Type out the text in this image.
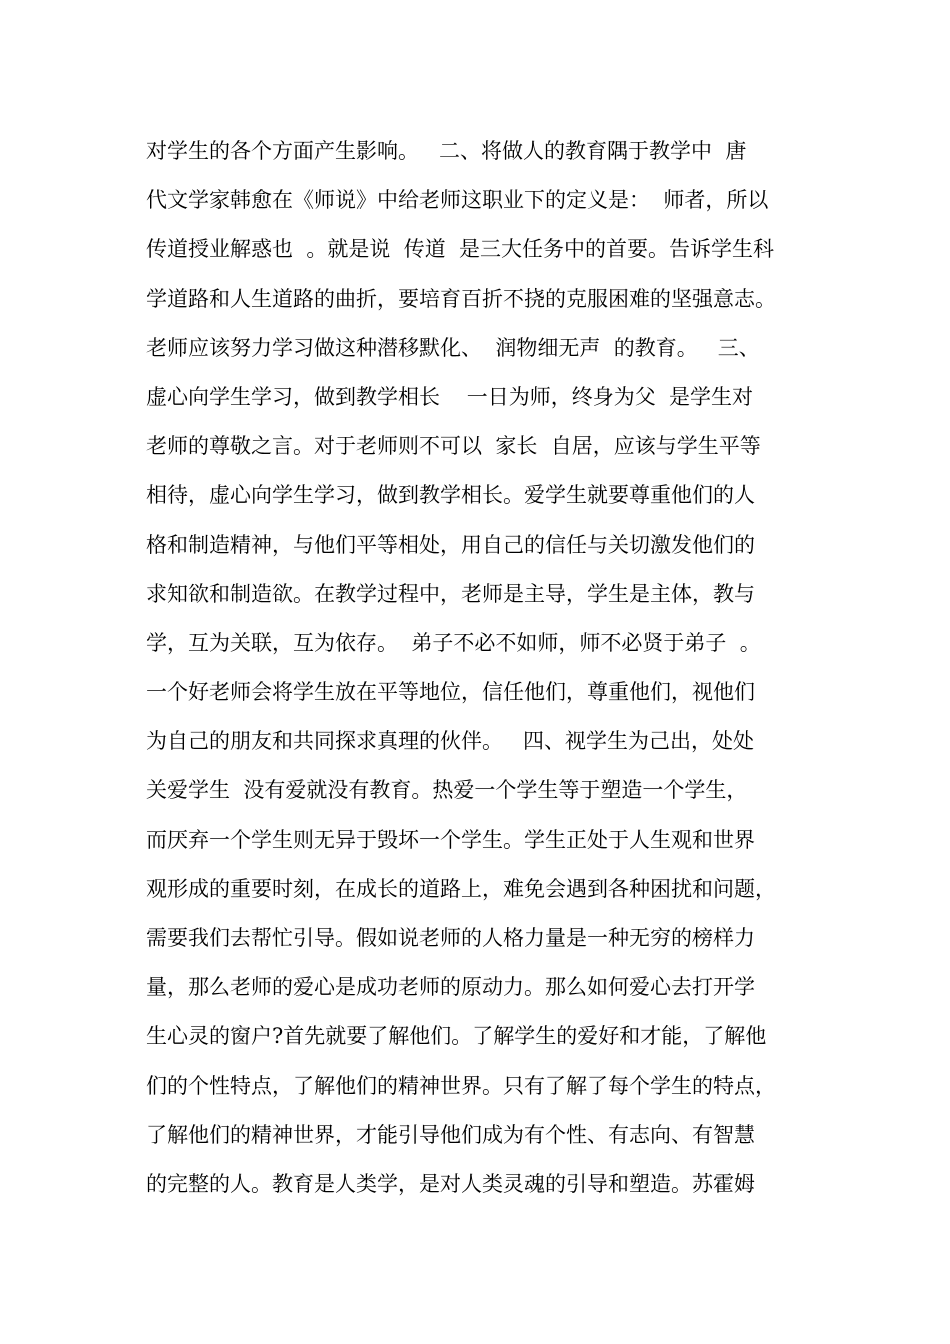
对学生的各个方面产生影响。   二、将做人的教育隅于教学中  唐
代文学家韩愈在《师说》中给老师这职业下的定义是：  师者，所以
传道授业解惑也  。就是说  传道  是三大任务中的首要。告诉学生科
学道路和人生道路的曲折，要培育百折不挠的克服困难的坚强意志。
老师应该努力学习做这种潜移默化、  润物细无声  的教育。   三、
虚心向学生学习，做到教学相长    一日为师，终身为父  是学生对
老师的尊敬之言。对于老师则不可以  家长  自居，应该与学生平等
相待，虚心向学生学习，做到教学相长。爱学生就要尊重他们的人
格和制造精神，与他们平等相处，用自己的信任与关切激发他们的
求知欲和制造欲。在教学过程中，老师是主导，学生是主体，教与
学，互为关联，互为依存。  弟子不必不如师，师不必贤于弟子  。
一个好老师会将学生放在平等地位，信任他们，尊重他们，视他们
为自己的朋友和共同探求真理的伙伴。   四、视学生为己出，处处
关爱学生  没有爱就没有教育。热爱一个学生等于塑造一个学生，
而厌弃一个学生则无异于毁坏一个学生。学生正处于人生观和世界
观形成的重要时刻，在成长的道路上，难免会遇到各种困扰和问题，
需要我们去帮忙引导。假如说老师的人格力量是一种无穷的榜样力
量，那么老师的爱心是成功老师的原动力。那么如何爱心去打开学
生心灵的窗户?首先就要了解他们。了解学生的爱好和才能，了解他
们的个性特点，了解他们的精神世界。只有了解了每个学生的特点，
了解他们的精神世界，才能引导他们成为有个性、有志向、有智慧
的完整的人。教育是人类学，是对人类灵魂的引导和塑造。苏霍姆
